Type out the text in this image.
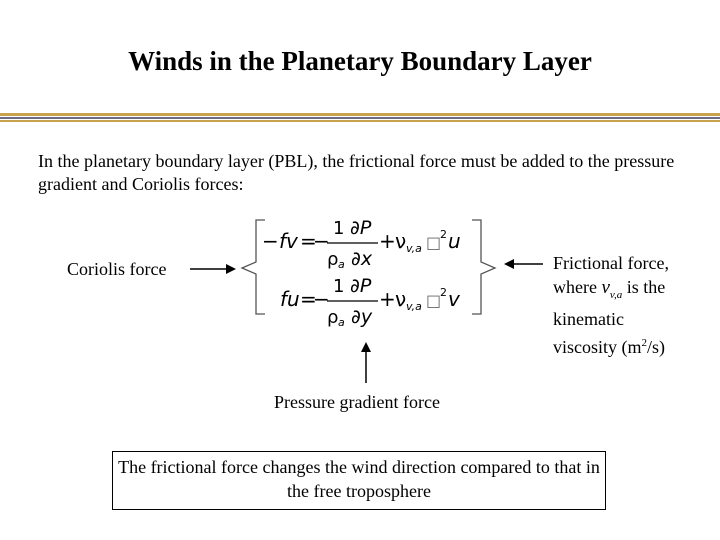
Winds in the Planetary Boundary Layer
In the planetary boundary layer (PBL), the frictional force must be added to the pressure gradient and Coriolis forces:
− fv =
−
1
ρ a
∂P
∂x
+ ν v,a □
2 u
fu =
−
1
ρ a
∂P
∂y
+ ν v,a □
2 v
Coriolis force	Frictional force,
where $\nu_{v,a}$ is the
kinematic
viscosity $(m^2/s)$
Pressure gradient force
The frictional force changes the wind direction compared to that in the free troposphere
